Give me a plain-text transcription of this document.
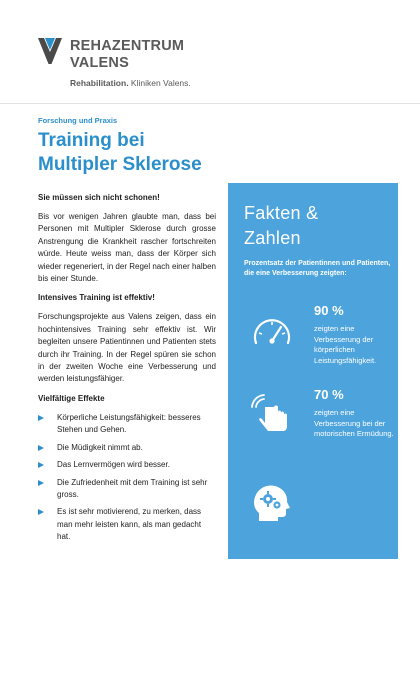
REHAZENTRUM
VALENS
Rehabilitation. Kliniken Valens.
Forschung und Praxis
Training bei
Multipler Sklerose
Sie müssen sich nicht schonen!

Bis vor wenigen Jahren glaubte man, dass bei Personen mit Multipler Sklerose durch grosse Anstrengung die Krankheit rascher fortschreiten würde. Heute weiss man, dass der Körper sich wieder regeneriert, in der Regel nach einer halben bis einer Stunde.

Intensives Training ist effektiv!

Forschungsprojekte aus Valens zeigen, dass ein hochintensives Training sehr effektiv ist. Wir begleiten unsere Patientinnen und Patienten stets durch ihr Training. In der Regel spüren sie schon in der zweiten Woche eine Verbesserung und werden leistungsfähiger.

Vielfältige Effekte
Körperliche Leistungsfähigkeit: besseres Stehen und Gehen.
Die Müdigkeit nimmt ab.
Das Lernvermögen wird besser.
Die Zufriedenheit mit dem Training ist sehr gross.
Es ist sehr motivierend, zu merken, dass man mehr leisten kann, als man gedacht hat.
Fakten &
Zahlen
Prozentsatz der Patientinnen und Patienten, die eine Verbesserung zeigten:
90 %
zeigten eine Verbesserung der körperlichen Leistungsfähigkeit.
70 %
zeigten eine Verbesserung bei der motorischen Ermüdung.
60 %
zeigten eine Verbesserung bei der kognitiven Ermüdung.
